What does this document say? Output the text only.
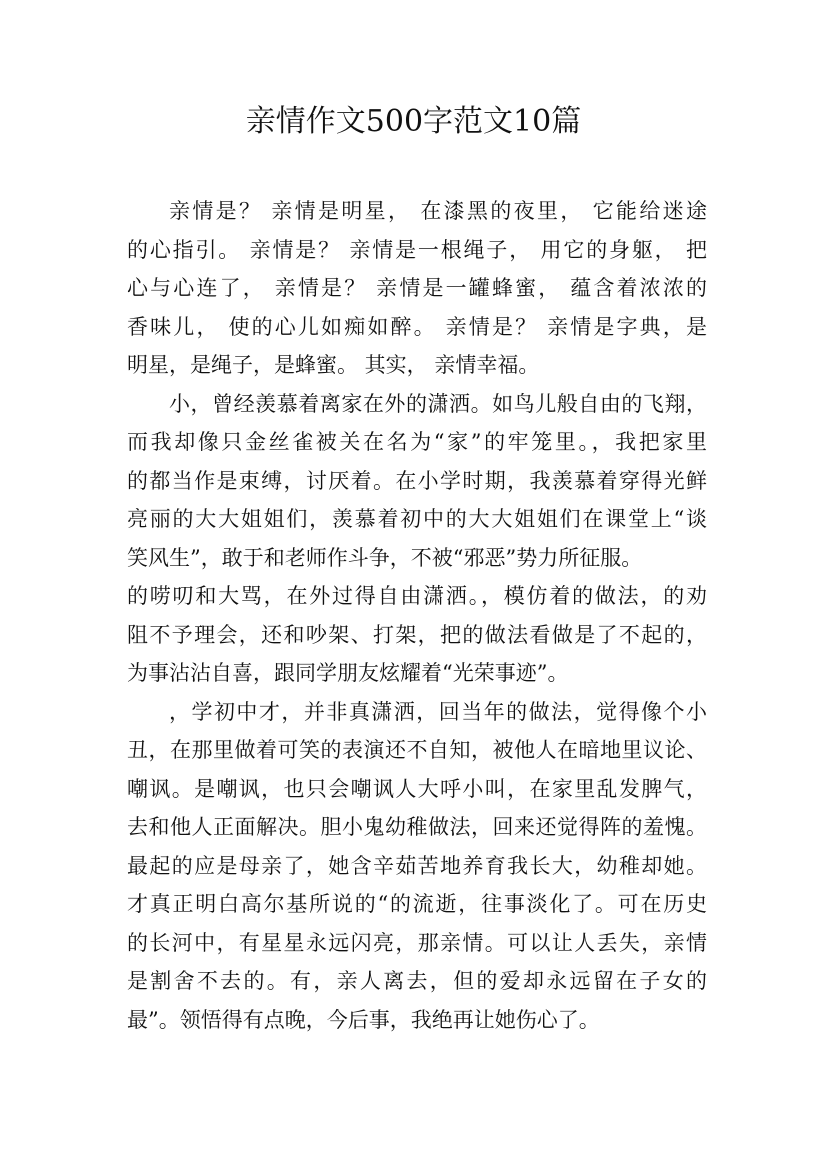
亲情作文500字范文10篇
亲情是？ 亲情是明星， 在漆黑的夜里， 它能给迷途
的心指引。 亲情是？ 亲情是一根绳子， 用它的身躯， 把
心与心连了， 亲情是？ 亲情是一罐蜂蜜， 蕴含着浓浓的
香味儿， 使的心儿如痴如醉。 亲情是？ 亲情是字典，是
明星，是绳子，是蜂蜜。 其实， 亲情幸福。
小，曾经羡慕着离家在外的潇洒。如鸟儿般自由的飞翔，
而我却像只金丝雀被关在名为“家”的牢笼里。，我把家里
的都当作是束缚，讨厌着。在小学时期，我羡慕着穿得光鲜
亮丽的大大姐姐们，羡慕着初中的大大姐姐们在课堂上“谈
笑风生”，敢于和老师作斗争，不被“邪恶”势力所征服。
的唠叨和大骂，在外过得自由潇洒。，模仿着的做法，的劝
阻不予理会，还和吵架、打架，把的做法看做是了不起的，
为事沾沾自喜，跟同学朋友炫耀着“光荣事迹”。
，学初中才，并非真潇洒，回当年的做法，觉得像个小
丑，在那里做着可笑的表演还不自知，被他人在暗地里议论、
嘲讽。是嘲讽，也只会嘲讽人大呼小叫，在家里乱发脾气，
去和他人正面解决。胆小鬼幼稚做法，回来还觉得阵的羞愧。
最起的应是母亲了，她含辛茹苦地养育我长大，幼稚却她。
才真正明白高尔基所说的“的流逝，往事淡化了。可在历史
的长河中，有星星永远闪亮，那亲情。可以让人丢失，亲情
是割舍不去的。有，亲人离去，但的爱却永远留在子女的
最”。领悟得有点晚，今后事，我绝再让她伤心了。
